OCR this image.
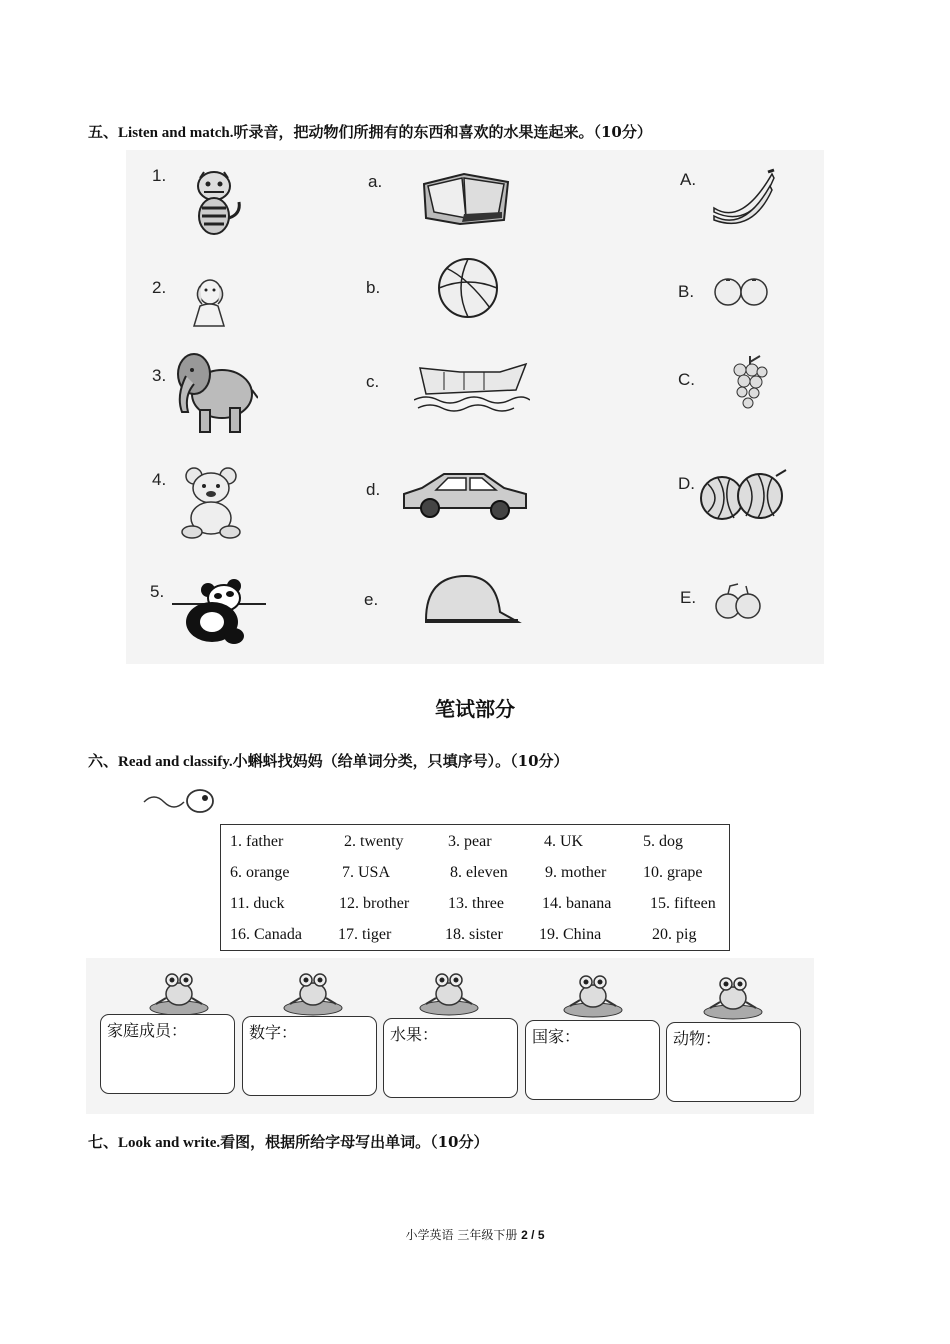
五、Listen and match.听录音，把动物们所拥有的东西和喜欢的水果连起来。（10分）
1.
2.
3.
4.
5.
a.
b.
c.
d.
e.
A.
B.
C.
D.
E.
笔试部分
六、Read and classify.小蝌蚪找妈妈（给单词分类，只填序号）。（10分）
1. father	2. twenty	3. pear	4. UK	5. dog
6. orange	7. USA	8. eleven 9. mother 10. grape
11. duck	12. brother 13. three 14. banana 15. fifteen
16. Canada 17. tiger	18. sister 19. China	20. pig
家庭成员：	数字：	水果：	国家：	动物：
七、Look and write.看图，根据所给字母写出单词。（10分）
小学英语 三年级下册 2 / 5
